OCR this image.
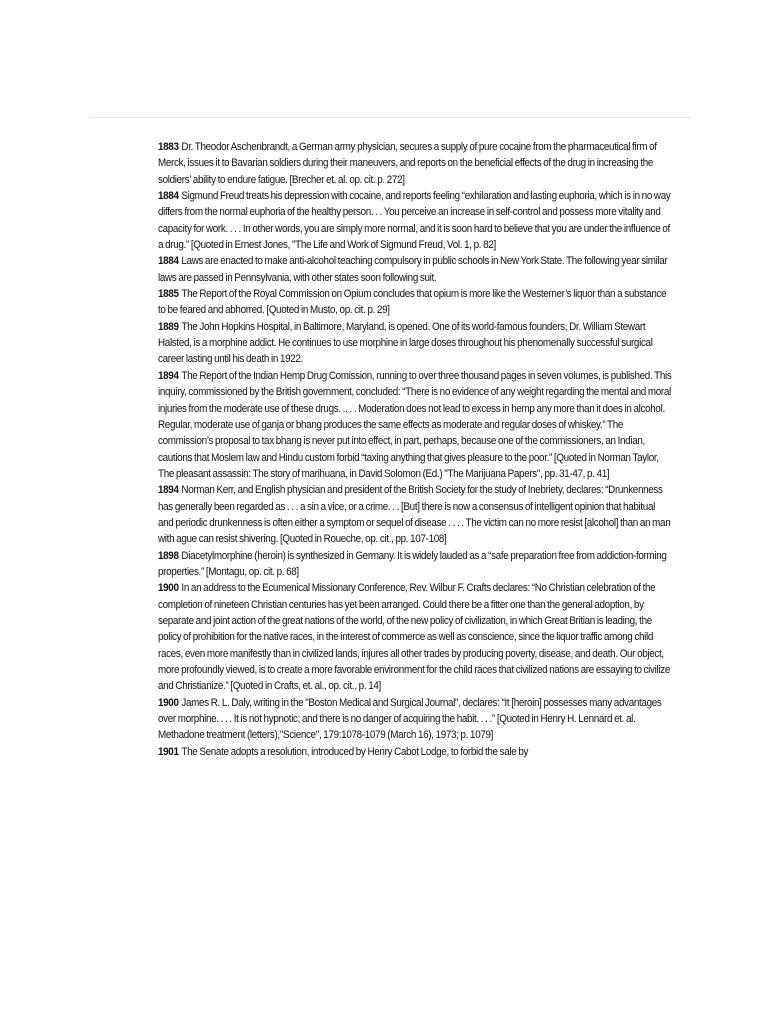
1883 Dr. Theodor Aschenbrandt, a German army physician, secures a supply of pure cocaine from the pharmaceutical firm of Merck, issues it to Bavarian soldiers during their maneuvers, and reports on the beneficial effects of the drug in increasing the soldiers’ ability to endure fatigue. [Brecher et. al. op. cit. p. 272]

1884 Sigmund Freud treats his depression with cocaine, and reports feeling “exhilaration and lasting euphoria, which is in no way differs from the normal euphoria of the healthy person. . . You perceive an increase in self-control and possess more vitality and capacity for work. . . . In other words, you are simply more normal, and it is soon hard to believe that you are under the influence of a drug.” [Quoted in Ernest Jones, "The Life and Work of Sigmund Freud, Vol. 1, p. 82]

1884 Laws are enacted to make anti-alcohol teaching compulsory in public schools in New York State. The following year similar laws are passed in Pennsylvania, with other states soon following suit.

1885 The Report of the Royal Commission on Opium concludes that opium is more like the Westerner’s liquor than a substance to be feared and abhorred. [Quoted in Musto, op. cit. p. 29]

1889 The John Hopkins Hospital, in Baltimore, Maryland, is opened. One of its world-famous founders, Dr. William Stewart Halsted, is a morphine addict. He continues to use morphine in large doses throughout his phenomenally successful surgical career lasting until his death in 1922.

1894 The Report of the Indian Hemp Drug Comission, running to over three thousand pages in seven volumes, is published. This inquiry, commissioned by the British government, concluded: “There is no evidence of any weight regarding the mental and moral injuries from the moderate use of these drugs. .. . . Moderation does not lead to excess in hemp any more than it does in alcohol. Regular, moderate use of ganja or bhang produces the same effects as moderate and regular doses of whiskey.” The commission’s proposal to tax bhang is never put into effect, in part, perhaps, because one of the commissioners, an Indian, cautions that Moslem law and Hindu custom forbid “taxing anything that gives pleasure to the poor.” [Quoted in Norman Taylor, The pleasant assassin: The story of marihuana, in David Solomon (Ed.) "The Marijuana Papers", pp. 31-47, p. 41]

1894 Norman Kerr, and English physician and president of the British Society for the study of Inebriety, declares: “Drunkenness has generally been regarded as . . . a sin a vice, or a crime. . . [But] there is now a consensus of intelligent opinion that habitual and periodic drunkenness is often either a symptom or sequel of disease . . . . The victim can no more resist [alcohol] than an man with ague can resist shivering. [Quoted in Roueche, op. cit., pp. 107-108]

1898 Diacetylmorphine (heroin) is synthesized in Germany. It is widely lauded as a “safe preparation free from addiction-forming properties.” [Montagu, op. cit. p. 68]

1900 In an address to the Ecumenical Missionary Conference, Rev. Wilbur F. Crafts declares: “No Christian celebration of the completion of nineteen Christian centuries has yet been arranged. Could there be a fitter one than the general adoption, by separate and joint action of the great nations of the world, of the new policy of civilization, in which Great Britian is leading, the policy of prohibition for the native races, in the interest of commerce as well as conscience, since the liquor traffic among child races, even more manifestly than in civilized lands, injures all other trades by producing poverty, disease, and death. Our object, more profoundly viewed, is to create a more favorable environment for the child races that civilized nations are essaying to civilize and Christianize.” [Quoted in Crafts, et. al., op. cit., p. 14]

1900 James R. L. Daly, writing in the "Boston Medical and Surgical Journal", declares: “It [heroin] possesses many advantages over morphine. . . . It is not hypnotic; and there is no danger of acquiring the habit. . . .” [Quoted in Henry H. Lennard et. al. Methadone treatment (letters),"Science", 179:1078-1079 (March 16), 1973; p. 1079]

1901 The Senate adopts a resolution, introduced by Henry Cabot Lodge, to forbid the sale by
